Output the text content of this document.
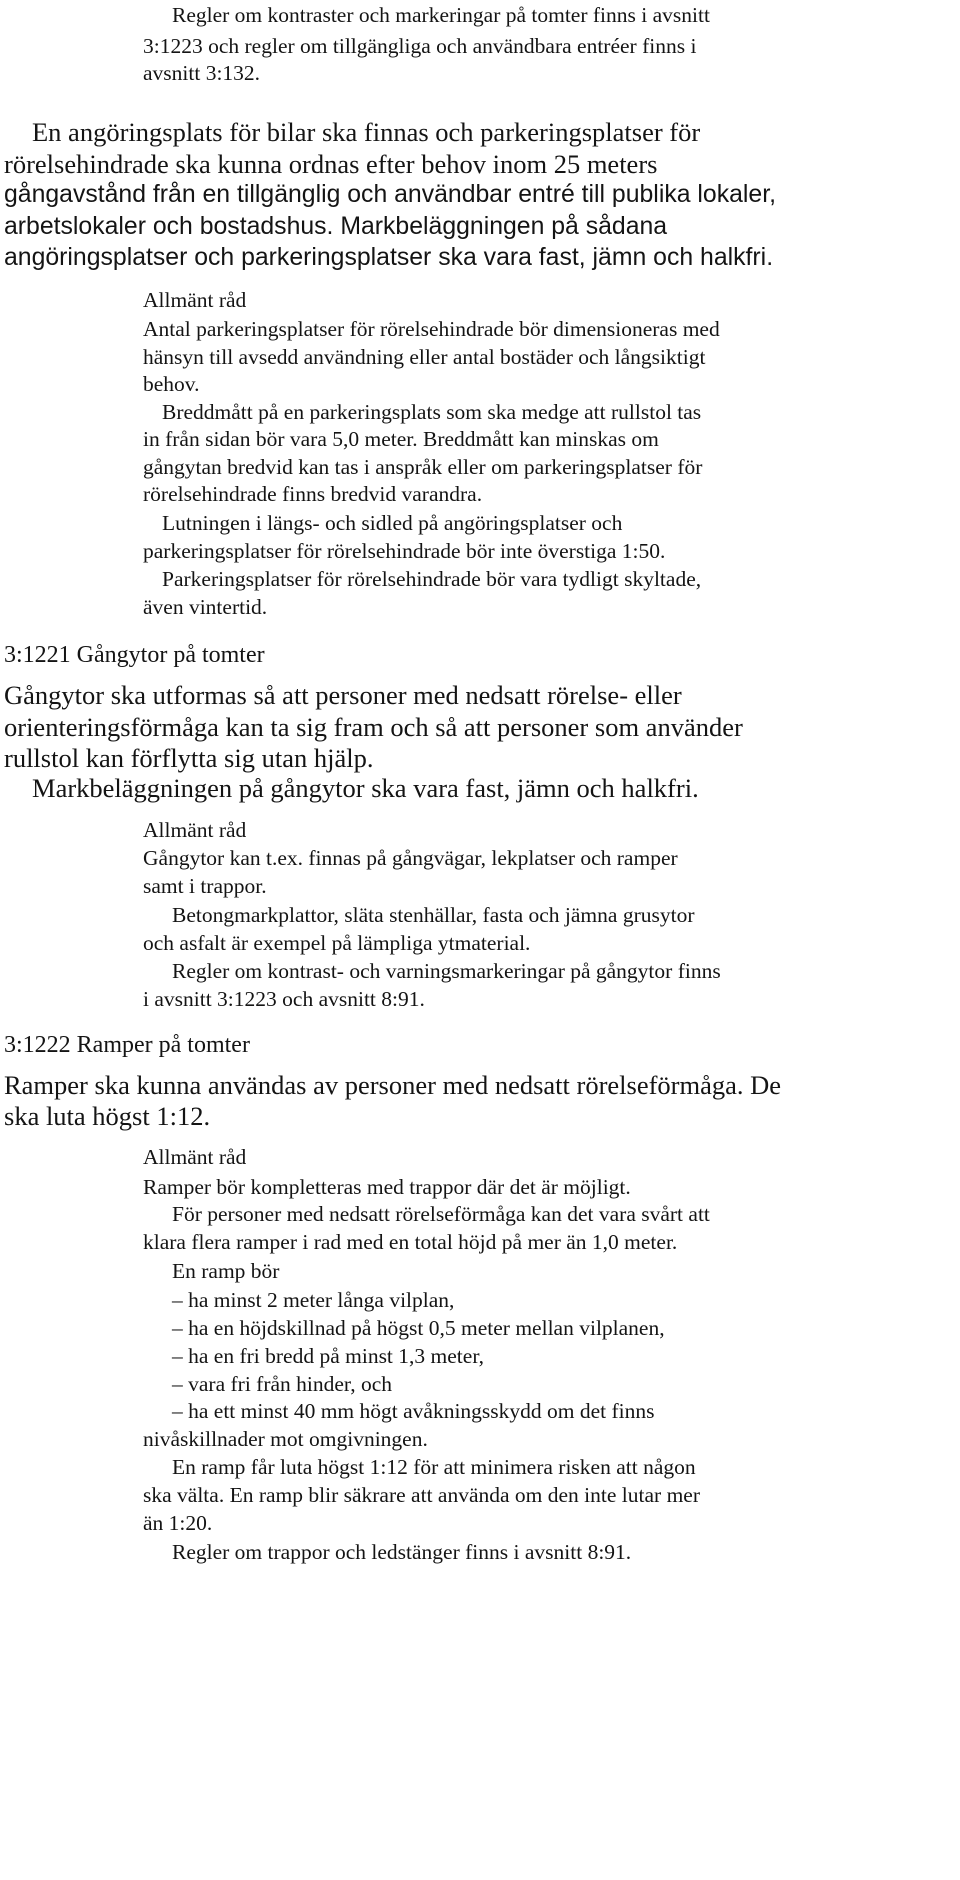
Regler om kontraster och markeringar på tomter finns i avsnitt
3:1223 och regler om tillgängliga och användbara entréer finns i
avsnitt 3:132.
En angöringsplats för bilar ska finnas och parkeringsplatser för
rörelsehindrade ska kunna ordnas efter behov inom 25 meters
gångavstånd från en tillgänglig och användbar entré till publika lokaler,
arbetslokaler och bostadshus. Markbeläggningen på sådana
angöringsplatser och parkeringsplatser ska vara fast, jämn och halkfri.
Allmänt råd
Antal parkeringsplatser för rörelsehindrade bör dimensioneras med
hänsyn till avsedd användning eller antal bostäder och långsiktigt
behov.
Breddmått på en parkeringsplats som ska medge att rullstol tas
in från sidan bör vara 5,0 meter. Breddmått kan minskas om
gångytan bredvid kan tas i anspråk eller om parkeringsplatser för
rörelsehindrade finns bredvid varandra.
Lutningen i längs- och sidled på angöringsplatser och
parkeringsplatser för rörelsehindrade bör inte överstiga 1:50.
Parkeringsplatser för rörelsehindrade bör vara tydligt skyltade,
även vintertid.
3:1221 Gångytor på tomter
Gångytor ska utformas så att personer med nedsatt rörelse- eller
orienteringsförmåga kan ta sig fram och så att personer som använder
rullstol kan förflytta sig utan hjälp.
Markbeläggningen på gångytor ska vara fast, jämn och halkfri.
Allmänt råd
Gångytor kan t.ex. finnas på gångvägar, lekplatser och ramper
samt i trappor.
Betongmarkplattor, släta stenhällar, fasta och jämna grusytor
och asfalt är exempel på lämpliga ytmaterial.
Regler om kontrast- och varningsmarkeringar på gångytor finns
i avsnitt 3:1223 och avsnitt 8:91.
3:1222 Ramper på tomter
Ramper ska kunna användas av personer med nedsatt rörelseförmåga. De
ska luta högst 1:12.
Allmänt råd
Ramper bör kompletteras med trappor där det är möjligt.
För personer med nedsatt rörelseförmåga kan det vara svårt att
klara flera ramper i rad med en total höjd på mer än 1,0 meter.
En ramp bör
– ha minst 2 meter långa vilplan,
– ha en höjdskillnad på högst 0,5 meter mellan vilplanen,
– ha en fri bredd på minst 1,3 meter,
– vara fri från hinder, och
– ha ett minst 40 mm högt avåkningsskydd om det finns
nivåskillnader mot omgivningen.
En ramp får luta högst 1:12 för att minimera risken att någon
ska välta. En ramp blir säkrare att använda om den inte lutar mer
än 1:20.
Regler om trappor och ledstänger finns i avsnitt 8:91.
